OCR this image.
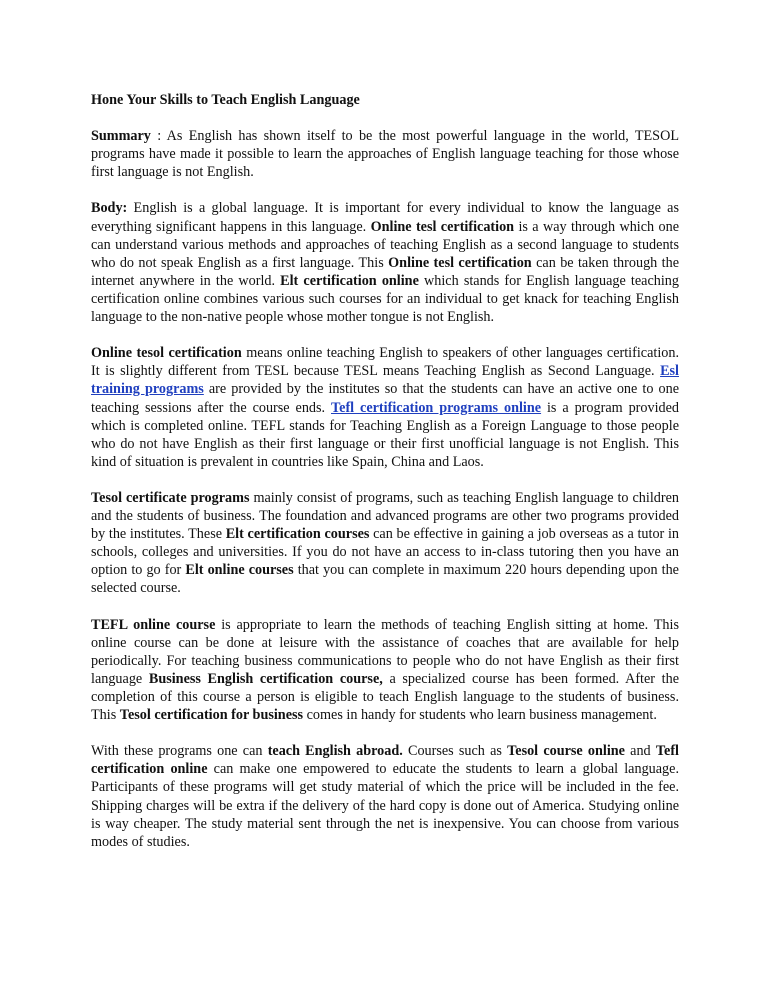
Hone Your Skills to Teach English Language

Summary : As English has shown itself to be the most powerful language in the world, TESOL programs have made it possible to learn the approaches of English language teaching for those whose first language is not English.

Body: English is a global language. It is important for every individual to know the language as everything significant happens in this language. Online tesl certification is a way through which one can understand various methods and approaches of teaching English as a second language to students who do not speak English as a first language. This Online tesl certification can be taken through the internet anywhere in the world. Elt certification online which stands for English language teaching certification online combines various such courses for an individual to get knack for teaching English language to the non-native people whose mother tongue is not English.

Online tesol certification means online teaching English to speakers of other languages certification. It is slightly different from TESL because TESL means Teaching English as Second Language. Esl training programs are provided by the institutes so that the students can have an active one to one teaching sessions after the course ends. Tefl certification programs online is a program provided which is completed online. TEFL stands for Teaching English as a Foreign Language to those people who do not have English as their first language or their first unofficial language is not English. This kind of situation is prevalent in countries like Spain, China and Laos.

Tesol certificate programs mainly consist of programs, such as teaching English language to children and the students of business. The foundation and advanced programs are other two programs provided by the institutes. These Elt certification courses can be effective in gaining a job overseas as a tutor in schools, colleges and universities. If you do not have an access to in-class tutoring then you have an option to go for Elt online courses that you can complete in maximum 220 hours depending upon the selected course.

TEFL online course is appropriate to learn the methods of teaching English sitting at home. This online course can be done at leisure with the assistance of coaches that are available for help periodically. For teaching business communications to people who do not have English as their first language Business English certification course, a specialized course has been formed. After the completion of this course a person is eligible to teach English language to the students of business. This Tesol certification for business comes in handy for students who learn business management.

With these programs one can teach English abroad. Courses such as Tesol course online and Tefl certification online can make one empowered to educate the students to learn a global language. Participants of these programs will get study material of which the price will be included in the fee. Shipping charges will be extra if the delivery of the hard copy is done out of America. Studying online is way cheaper. The study material sent through the net is inexpensive. You can choose from various modes of studies.
